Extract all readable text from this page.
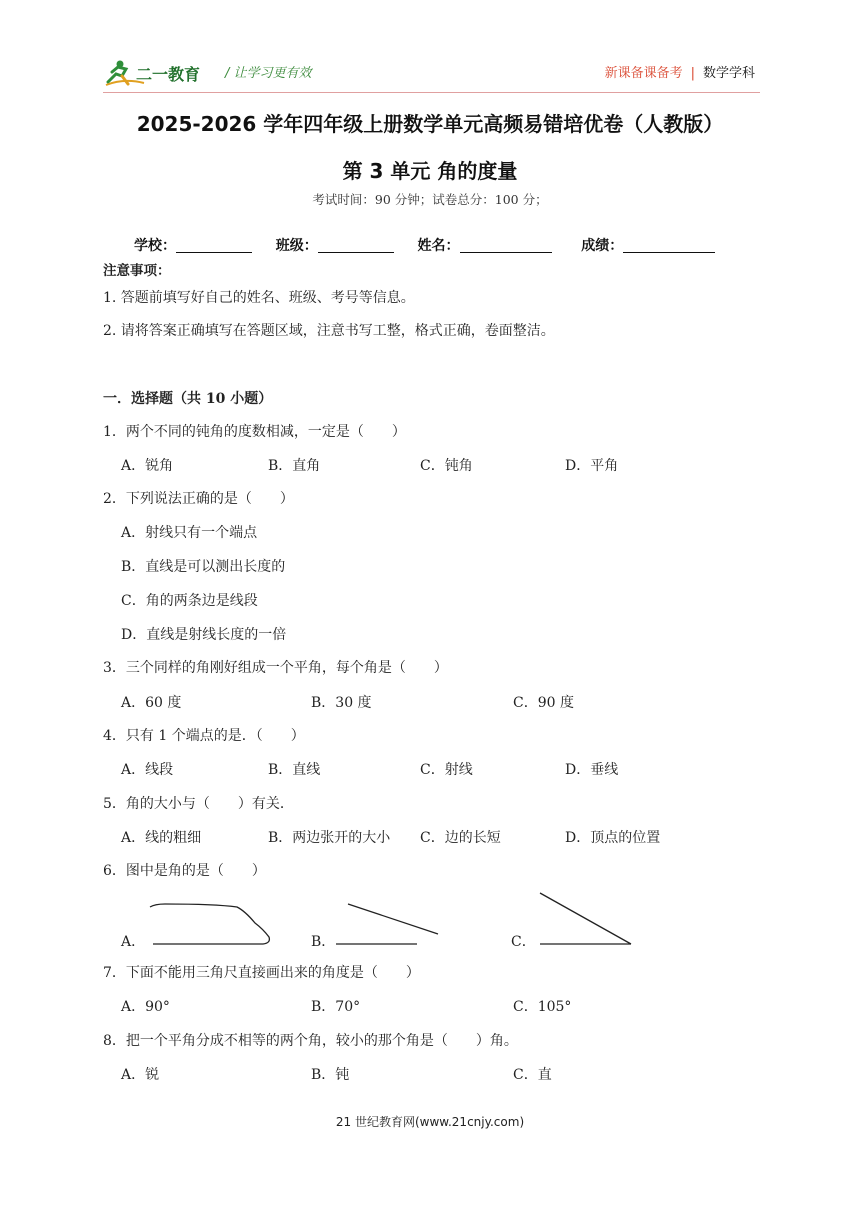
二一教育 / 让学习更有效	新课备课备考 | 数学学科
2025-2026 学年四年级上册数学单元高频易错培优卷（人教版）
第 3 单元 角的度量
考试时间：90 分钟；试卷总分：100 分；
学校：	班级：	姓名：	成绩：
注意事项：
1. 答题前填写好自己的姓名、班级、考号等信息。
2. 请将答案正确填写在答题区域，注意书写工整，格式正确，卷面整洁。
一．选择题（共 10 小题）
1．两个不同的钝角的度数相减，一定是（　　）
A．锐角	B．直角	C．钝角	D．平角
2．下列说法正确的是（　　）
A．射线只有一个端点
B．直线是可以测出长度的
C．角的两条边是线段
D．直线是射线长度的一倍
3．三个同样的角刚好组成一个平角，每个角是（　　）
A．60 度	B．30 度	C．90 度
4．只有 1 个端点的是．（　　）
A．线段	B．直线	C．射线	D．垂线
5．角的大小与（　　）有关．
A．线的粗细	B．两边张开的大小 C．边的长短	D．顶点的位置
6．图中是角的是（　　）
A．	B．	C．
7．下面不能用三角尺直接画出来的角度是（　　）
A．90°	B．70°	C．105°
8．把一个平角分成不相等的两个角，较小的那个角是（　　）角。
A．锐	B．钝	C．直
21 世纪教育网(www.21cnjy.com)
